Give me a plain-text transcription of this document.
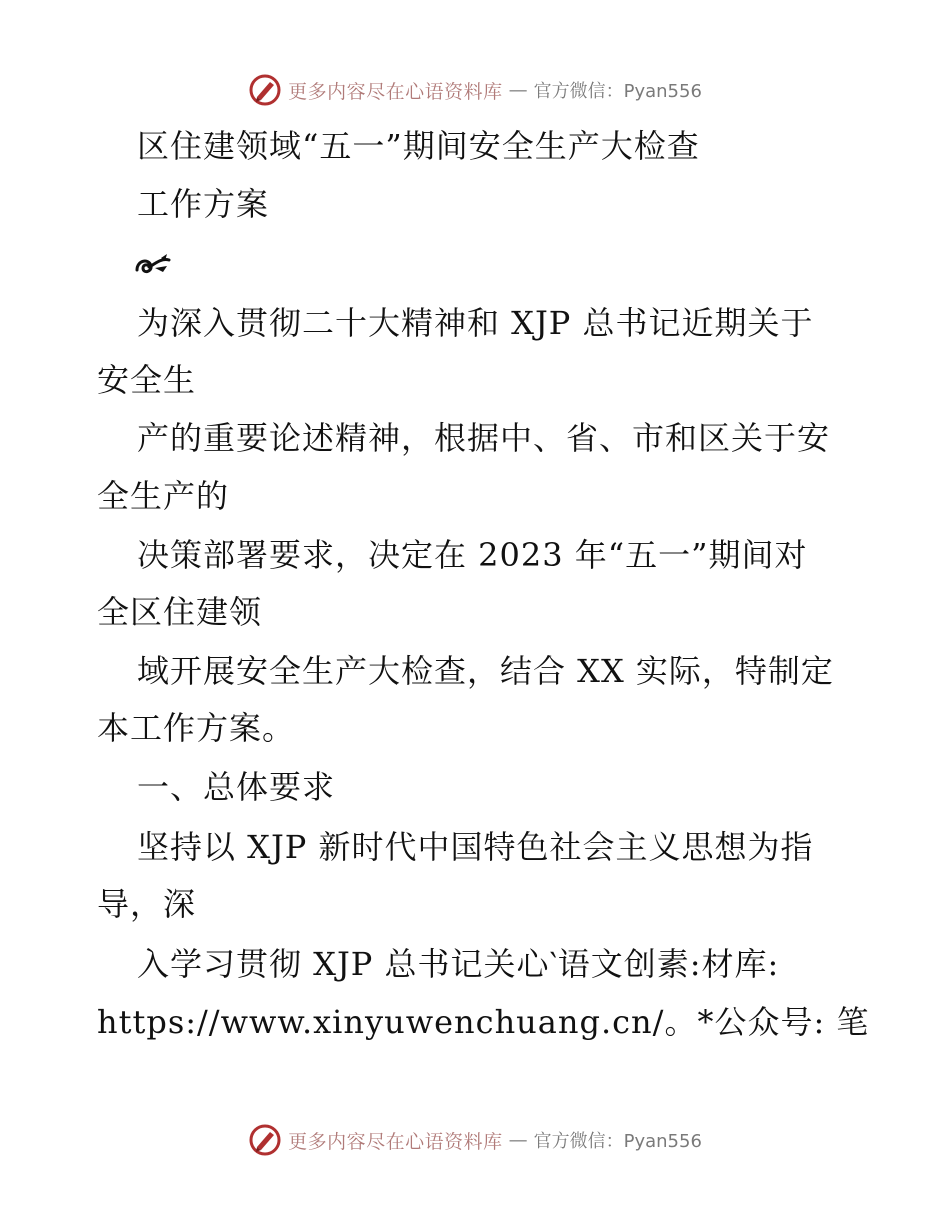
更多内容尽在心语资料库 — 官方微信：Pyan556
区住建领域“五一”期间安全生产大检查
工作方案
为深入贯彻二十大精神和 XJP 总书记近期关于
安全生
产的重要论述精神，根据中、省、市和区关于安
全生产的
决策部署要求，决定在 2023 年“五一”期间对
全区住建领
域开展安全生产大检查，结合 XX 实际，特制定
本工作方案。
一、总体要求
坚持以 XJP 新时代中国特色社会主义思想为指
导，深
入学习贯彻 XJP 总书记关心‵语文创素:材库:
https://www.xinyuwenchuang.cn/。*公众号: 笔
更多内容尽在心语资料库 — 官方微信：Pyan556
